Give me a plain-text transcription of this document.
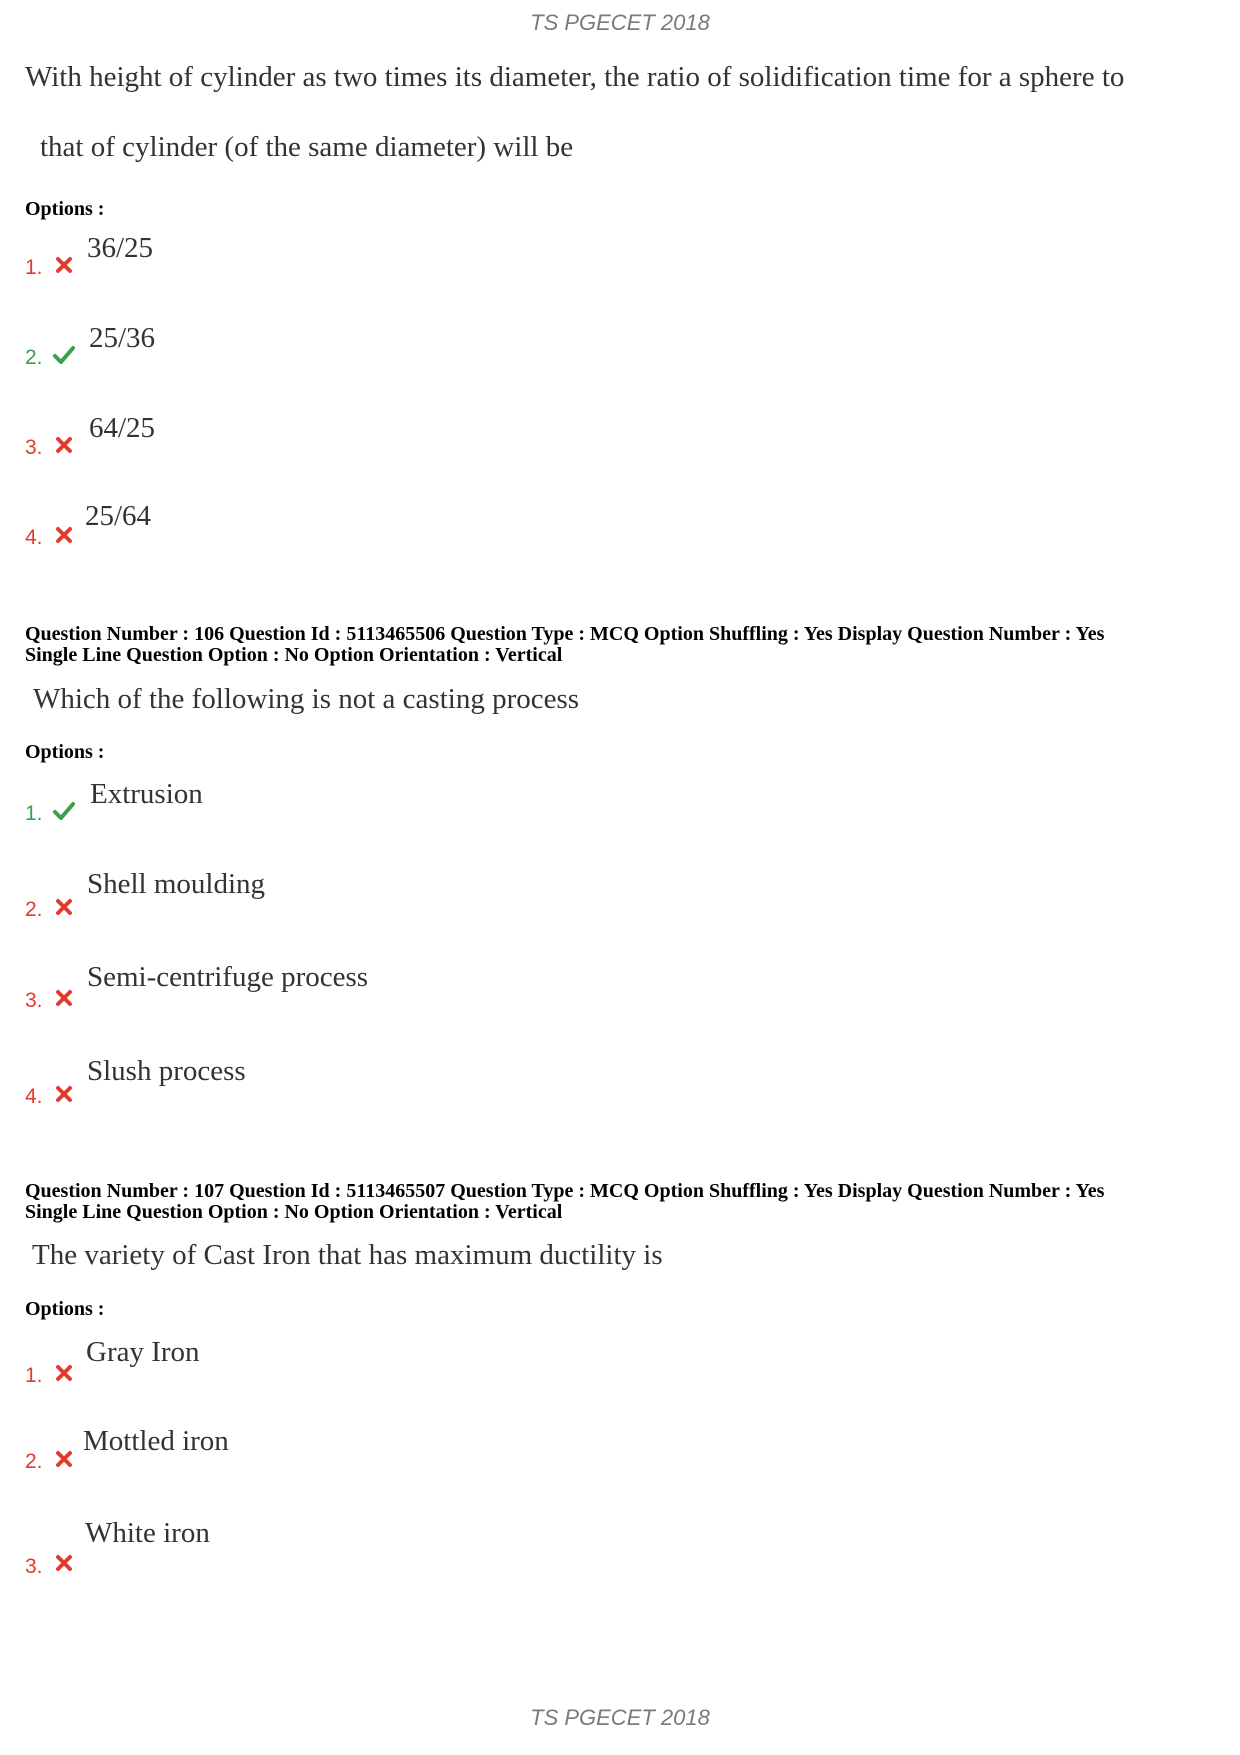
TS PGECET 2018
With height of cylinder as two times its diameter, the ratio of solidification time for a sphere to
that of cylinder (of the same diameter) will be
Options :
1.
36/25
2.
25/36
3.
64/25
4.
25/64
Question Number : 106 Question Id : 5113465506 Question Type : MCQ Option Shuffling : Yes Display Question Number : Yes
Single Line Question Option : No Option Orientation : Vertical
Which of the following is not a casting process
Options :
1.
Extrusion
2.
Shell moulding
3.
Semi-centrifuge process
4.
Slush process
Question Number : 107 Question Id : 5113465507 Question Type : MCQ Option Shuffling : Yes Display Question Number : Yes
Single Line Question Option : No Option Orientation : Vertical
The variety of Cast Iron that has maximum ductility is
Options :
1.
Gray Iron
2.
Mottled iron
3.
White iron
TS PGECET 2018
